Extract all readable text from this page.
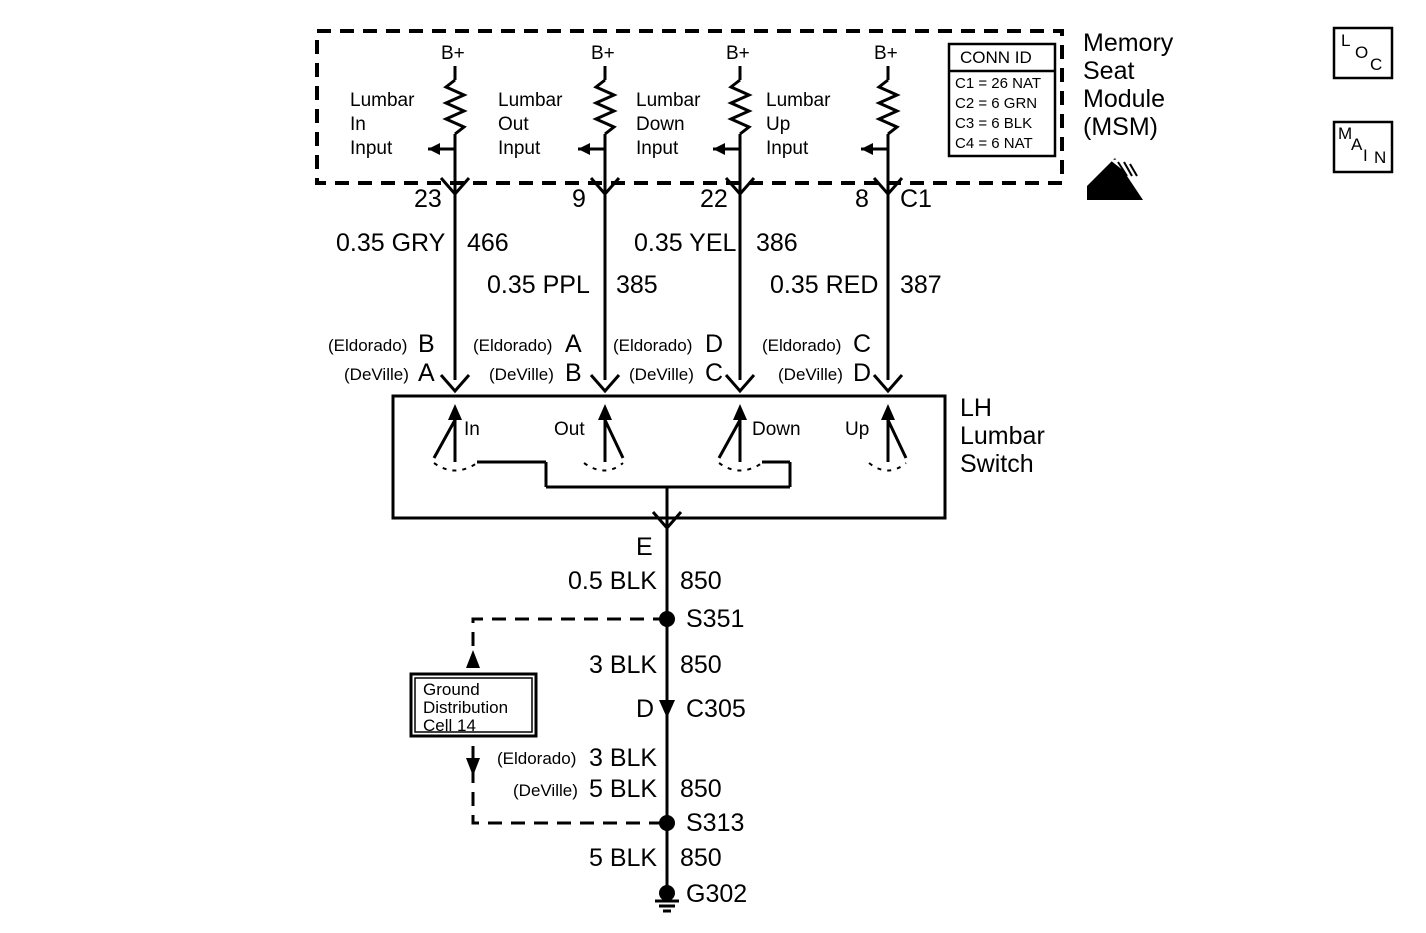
B+	B+	B+	B+
Lumbar
In
Input
Lumbar
Out
Input
Lumbar
Down
Input
Lumbar
Up
Input
CONN ID
C1 = 26 NAT
C2 = 6 GRN
C3 = 6 BLK
C4 = 6 NAT
Memory
Seat
Module
(MSM)
23	9	22	8 C1
0.35 GRY 466
0.35 PPL 385
0.35 YEL 386
0.35 RED 387
(Eldorado) B
(DeVille) A
(Eldorado) A
(DeVille) B
(Eldorado) D
(DeVille) C
(Eldorado) C
(DeVille) D
In	Out	Down Up
LH
Lumbar
Switch
E
0.5 BLK 850
S351
3 BLK 850
D C305
(Eldorado) 3 BLK
(DeVille) 5 BLK 850
S313
5 BLK 850
G302
Ground
Distribution
Cell 14
L
O
C
M
A
I N
